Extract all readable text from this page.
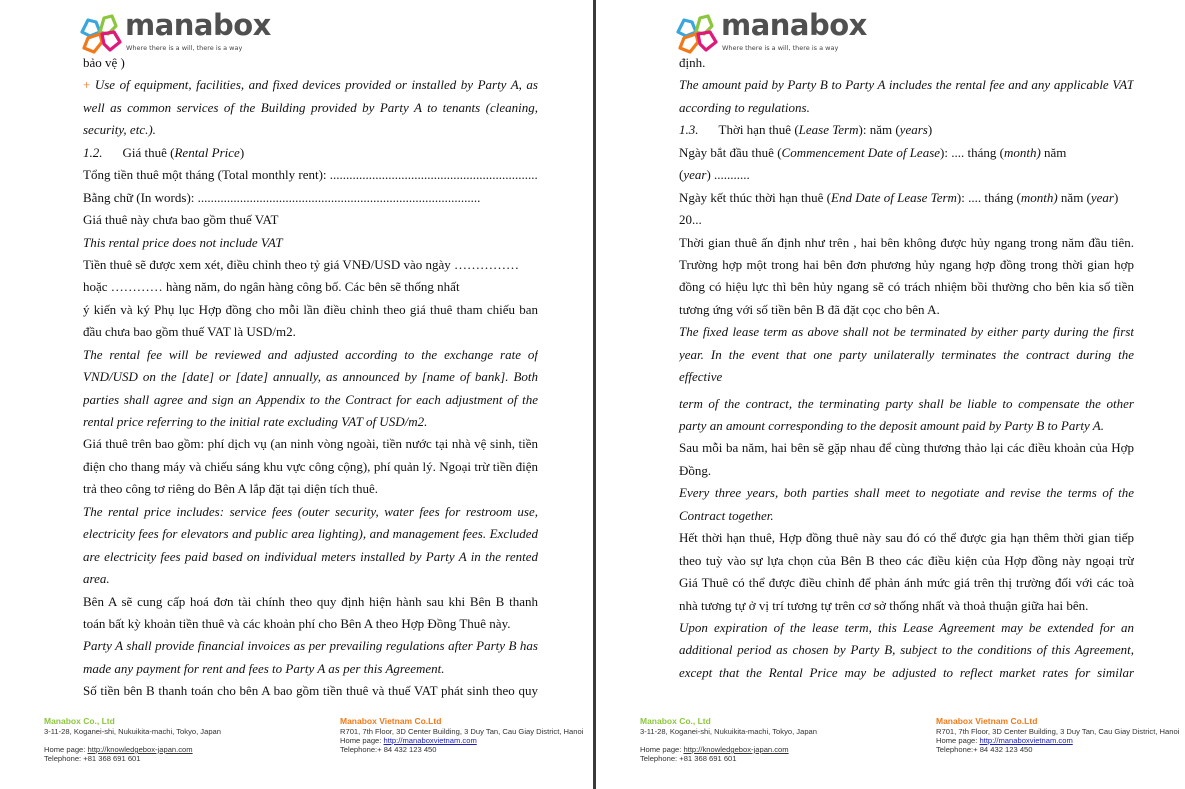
manabox
Where there is a will, there is a way
bảo vệ )
+ Use of equipment, facilities, and fixed devices provided or installed by Party A, as
well as common services of the Building provided by Party A to tenants (cleaning,
security, etc.).
1.2. Giá thuê (Rental Price)
Tổng tiền thuê một tháng (Total monthly rent): ................................................................
Bằng chữ (In words): .......................................................................................
Giá thuê này chưa bao gồm thuế VAT
This rental price does not include VAT
Tiền thuê sẽ được xem xét, điều chỉnh theo tỷ giá VNĐ/USD vào ngày ……………
hoặc ………… hàng năm, do ngân hàng công bố. Các bên sẽ thống nhất
ý kiến và ký Phụ lục Hợp đồng cho mỗi lần điều chỉnh theo giá thuê tham chiếu ban
đầu chưa bao gồm thuế VAT là USD/m2.
The rental fee will be reviewed and adjusted according to the exchange rate of
VND/USD on the [date] or [date] annually, as announced by [name of bank]. Both
parties shall agree and sign an Appendix to the Contract for each adjustment of the
rental price referring to the initial rate excluding VAT of USD/m2.
Giá thuê trên bao gồm: phí dịch vụ (an ninh vòng ngoài, tiền nước tại nhà vệ sinh, tiền
điện cho thang máy và chiếu sáng khu vực công cộng), phí quản lý. Ngoại trừ tiền điện
trả theo công tơ riêng do Bên A lắp đặt tại diện tích thuê.
The rental price includes: service fees (outer security, water fees for restroom use,
electricity fees for elevators and public area lighting), and management fees. Excluded
are electricity fees paid based on individual meters installed by Party A in the rented
area.
Bên A sẽ cung cấp hoá đơn tài chính theo quy định hiện hành sau khi Bên B thanh
toán bất kỳ khoản tiền thuê và các khoản phí cho Bên A theo Hợp Đồng Thuê này.
Party A shall provide financial invoices as per prevailing regulations after Party B has
made any payment for rent and fees to Party A as per this Agreement.
Số tiền bên B thanh toán cho bên A bao gồm tiền thuê và thuế VAT phát sinh theo quy
Manabox Co., Ltd
3-11-28, Koganei-shi, Nukuikita-machi, Tokyo, Japan
Home page: http://knowledgebox-japan.com
Telephone: +81 368 691 601
Manabox Vietnam Co.Ltd
R701, 7th Floor, 3D Center Building, 3 Duy Tan, Cau Giay District, Hanoi
Home page: http://manaboxvietnam.com
Telephone:+ 84 432 123 450
manabox
Where there is a will, there is a way
định.
The amount paid by Party B to Party A includes the rental fee and any applicable VAT
according to regulations.
1.3. Thời hạn thuê (Lease Term): năm (years)
Ngày bắt đầu thuê (Commencement Date of Lease): .... tháng (month) năm
(year) ...........
Ngày kết thúc thời hạn thuê (End Date of Lease Term): .... tháng (month) năm (year)
20...
Thời gian thuê ấn định như trên , hai bên không được hủy ngang trong năm đầu tiên.
Trường hợp một trong hai bên đơn phương hủy ngang hợp đồng trong thời gian hợp
đồng có hiệu lực thì bên hủy ngang sẽ có trách nhiệm bồi thường cho bên kia số tiền
tương ứng với số tiền bên B đã đặt cọc cho bên A.
The fixed lease term as above shall not be terminated by either party during the first
year. In the event that one party unilaterally terminates the contract during the
effective
term of the contract, the terminating party shall be liable to compensate the other
party an amount corresponding to the deposit amount paid by Party B to Party A.
Sau mỗi ba năm, hai bên sẽ gặp nhau để cùng thương thảo lại các điều khoản của Hợp
Đồng.
Every three years, both parties shall meet to negotiate and revise the terms of the
Contract together.
Hết thời hạn thuê, Hợp đồng thuê này sau đó có thể được gia hạn thêm thời gian tiếp
theo tuỳ vào sự lựa chọn của Bên B theo các điều kiện của Hợp đồng này ngoại trừ
Giá Thuê có thể được điều chỉnh để phản ánh mức giá trên thị trường đối với các toà
nhà tương tự ở vị trí tương tự trên cơ sở thống nhất và thoả thuận giữa hai bên.
Upon expiration of the lease term, this Lease Agreement may be extended for an
additional period as chosen by Party B, subject to the conditions of this Agreement,
except that the Rental Price may be adjusted to reflect market rates for similar
Manabox Co., Ltd
3-11-28, Koganei-shi, Nukuikita-machi, Tokyo, Japan
Home page: http://knowledgebox-japan.com
Telephone: +81 368 691 601
Manabox Vietnam Co.Ltd
R701, 7th Floor, 3D Center Building, 3 Duy Tan, Cau Giay District, Hanoi
Home page: http://manaboxvietnam.com
Telephone:+ 84 432 123 450
